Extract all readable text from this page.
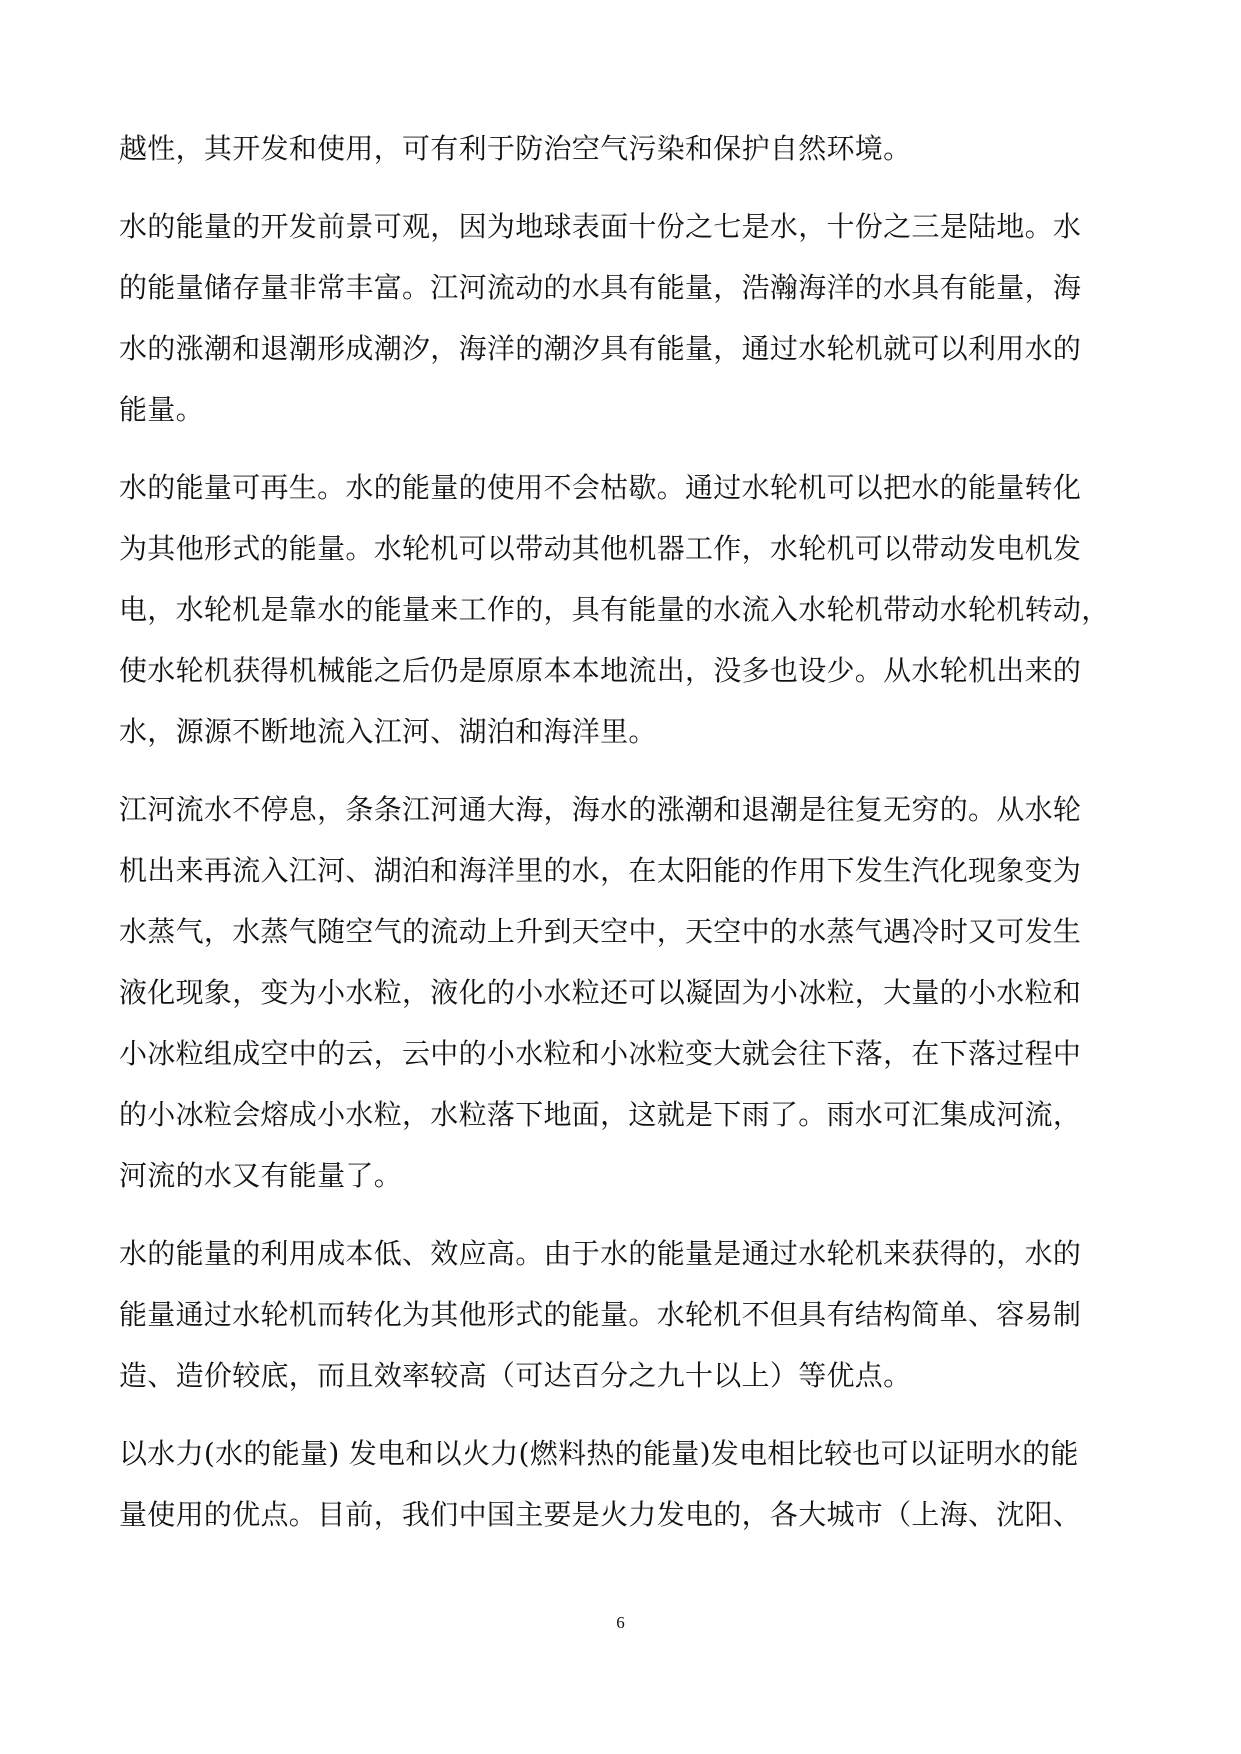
越性，其开发和使用，可有利于防治空气污染和保护自然环境。
水的能量的开发前景可观，因为地球表面十份之七是水，十份之三是陆地。水
的能量储存量非常丰富。江河流动的水具有能量，浩瀚海洋的水具有能量，海
水的涨潮和退潮形成潮汐，海洋的潮汐具有能量，通过水轮机就可以利用水的
能量。
水的能量可再生。水的能量的使用不会枯歇。通过水轮机可以把水的能量转化
为其他形式的能量。水轮机可以带动其他机器工作，水轮机可以带动发电机发
电，水轮机是靠水的能量来工作的，具有能量的水流入水轮机带动水轮机转动，
使水轮机获得机械能之后仍是原原本本地流出，没多也设少。从水轮机出来的
水，源源不断地流入江河、湖泊和海洋里。
江河流水不停息，条条江河通大海，海水的涨潮和退潮是往复无穷的。从水轮
机出来再流入江河、湖泊和海洋里的水，在太阳能的作用下发生汽化现象变为
水蒸气，水蒸气随空气的流动上升到天空中，天空中的水蒸气遇冷时又可发生
液化现象，变为小水粒，液化的小水粒还可以凝固为小冰粒，大量的小水粒和
小冰粒组成空中的云，云中的小水粒和小冰粒变大就会往下落，在下落过程中
的小冰粒会熔成小水粒，水粒落下地面，这就是下雨了。雨水可汇集成河流，
河流的水又有能量了。
水的能量的利用成本低、效应高。由于水的能量是通过水轮机来获得的，水的
能量通过水轮机而转化为其他形式的能量。水轮机不但具有结构简单、容易制
造、造价较底，而且效率较高（可达百分之九十以上）等优点。
以水力(水的能量) 发电和以火力(燃料热的能量)发电相比较也可以证明水的能
量使用的优点。目前，我们中国主要是火力发电的，各大城市（上海、沈阳、
6
